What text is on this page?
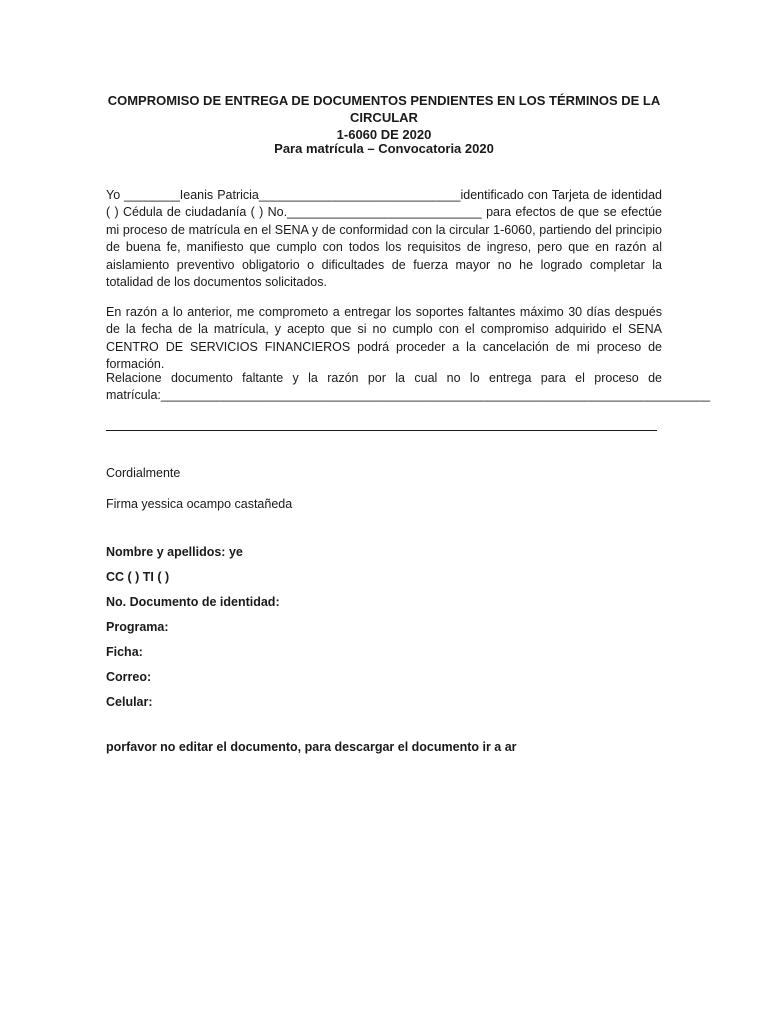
COMPROMISO DE ENTREGA DE DOCUMENTOS PENDIENTES EN LOS TÉRMINOS DE LA CIRCULAR
1-6060 DE 2020
Para matrícula – Convocatoria 2020
Yo ________Ieanis Patricia_____________________________identificado con Tarjeta de identidad ( ) Cédula de ciudadanía ( ) No.____________________________ para efectos de que se efectúe mi proceso de matrícula en el SENA y de conformidad con la circular 1-6060, partiendo del principio de buena fe, manifiesto que cumplo con todos los requisitos de ingreso, pero que en razón al aislamiento preventivo obligatorio o dificultades de fuerza mayor no he logrado completar la totalidad de los documentos solicitados.
En razón a lo anterior, me comprometo a entregar los soportes faltantes máximo 30 días después de la fecha de la matrícula, y acepto que si no cumplo con el compromiso adquirido el SENA CENTRO DE SERVICIOS FINANCIEROS podrá proceder a la cancelación de mi proceso de formación.
Relacione documento faltante y la razón por la cual no lo entrega para el proceso de matrícula:_______________________________________________________________________________
Cordialmente
Firma yessica ocampo castañeda
Nombre y apellidos: ye
CC ( ) TI ( )
No. Documento de identidad:
Programa:
Ficha:
Correo:
Celular:
porfavor no editar el documento, para descargar el documento ir a ar
